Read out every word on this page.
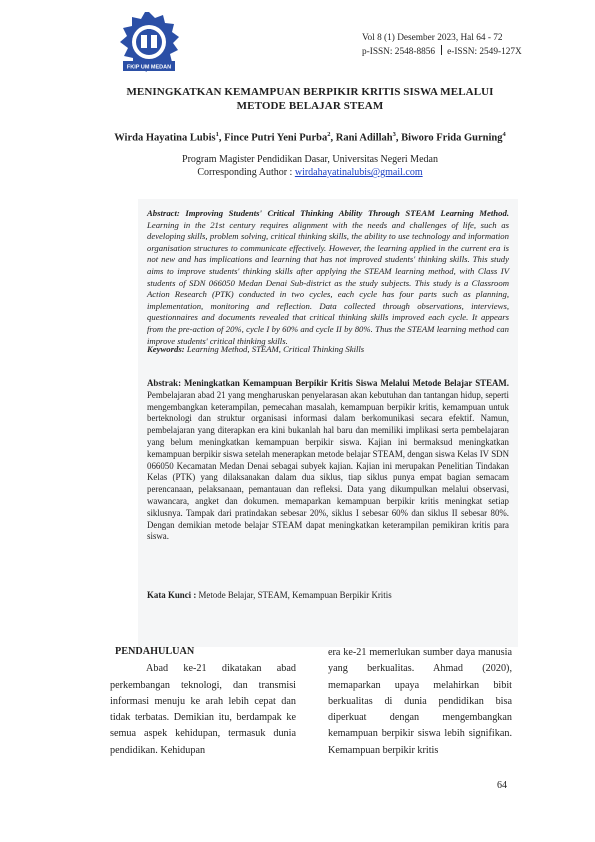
FKIP UM MEDAN
Vol 8 (1) Desember 2023, Hal 64 - 72
p-ISSN: 2548-8856 e-ISSN: 2549-127X
MENINGKATKAN KEMAMPUAN BERPIKIR KRITIS SISWA MELALUI
METODE BELAJAR STEAM
Wirda Hayatina Lubis$^1$, Fince Putri Yeni Purba$^2$, Rani Adillah$^3$, Biworo Frida Gurning$^4$
Program Magister Pendidikan Dasar, Universitas Negeri Medan
Corresponding Author : wirdahayatinalubis@gmail.com
Abstract: Improving Students' Critical Thinking Ability Through STEAM Learning Method. Learning in the 21st century requires alignment with the needs and challenges of life, such as developing skills, problem solving, critical thinking skills, the ability to use technology and information organisation structures to communicate effectively. However, the learning applied in the current era is not new and has implications and learning that has not improved students' thinking skills. This study aims to improve students' thinking skills after applying the STEAM learning method, with Class IV students of SDN 066050 Medan Denai Sub-district as the study subjects. This study is a Classroom Action Research (PTK) conducted in two cycles, each cycle has four parts such as planning, implementation, monitoring and reflection. Data collected through observations, interviews, questionnaires and documents revealed that critical thinking skills improved each cycle. It appears from the pre-action of 20%, cycle I by 60% and cycle II by 80%. Thus the STEAM learning method can improve students' critical thinking skills.
Keywords: Learning Method, STEAM, Critical Thinking Skills
Abstrak: Meningkatkan Kemampuan Berpikir Kritis Siswa Melalui Metode Belajar STEAM. Pembelajaran abad 21 yang mengharuskan penyelarasan akan kebutuhan dan tantangan hidup, seperti mengembangkan keterampilan, pemecahan masalah, kemampuan berpikir kritis, kemampuan untuk berteknologi dan struktur organisasi informasi dalam berkomunikasi secara efektif. Namun, pembelajaran yang diterapkan era kini bukanlah hal baru dan memiliki implikasi serta pembelajaran yang belum meningkatkan kemampuan berpikir siswa. Kajian ini bermaksud meningkatkan kemampuan berpikir siswa setelah menerapkan metode belajar STEAM, dengan siswa Kelas IV SDN 066050 Kecamatan Medan Denai sebagai subyek kajian. Kajian ini merupakan Penelitian Tindakan Kelas (PTK) yang dilaksanakan dalam dua siklus, tiap siklus punya empat bagian semacam perencanaan, pelaksanaan, pemantauan dan refleksi. Data yang dikumpulkan melalui observasi, wawancara, angket dan dokumen. memaparkan kemampuan berpikir kritis meningkat setiap siklusnya. Tampak dari pratindakan sebesar 20%, siklus I sebesar 60% dan siklus II sebesar 80%. Dengan demikian metode belajar STEAM dapat meningkatkan keterampilan pemikiran kritis para siswa.
Kata Kunci : Metode Belajar, STEAM, Kemampuan Berpikir Kritis
PENDAHULUAN

Abad ke-21 dikatakan abad perkembangan teknologi, dan transmisi informasi menuju ke arah lebih cepat dan tidak terbatas. Demikian itu, berdampak ke semua aspek kehidupan, termasuk dunia pendidikan. Kehidupan

era ke-21 memerlukan sumber daya manusia yang berkualitas. Ahmad (2020), memaparkan upaya melahirkan bibit berkualitas di dunia pendidikan bisa diperkuat dengan mengembangkan kemampuan berpikir siswa lebih signifikan. Kemampuan berpikir kritis

64
